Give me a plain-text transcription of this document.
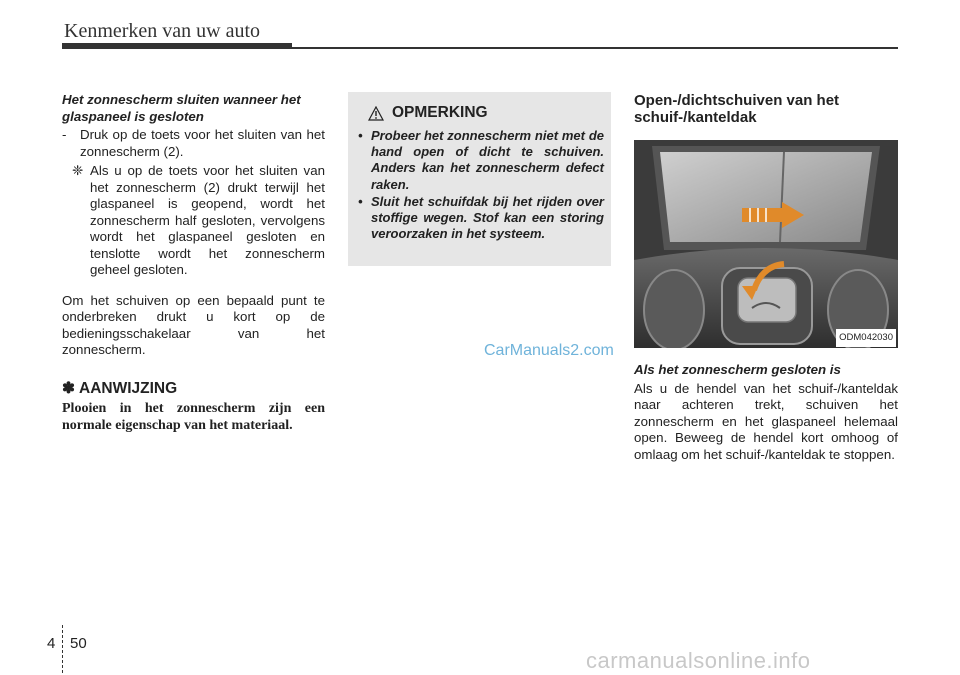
Kenmerken van uw auto
Het zonnescherm sluiten wanneer het glaspaneel is gesloten
- Druk op de toets voor het sluiten van het zonnescherm (2).
❈ Als u op de toets voor het sluiten van het zonnescherm (2) drukt terwijl het glaspaneel is geopend, wordt het zonnescherm half gesloten, vervolgens wordt het glaspaneel gesloten en tenslotte wordt het zonnescherm geheel gesloten.

Om het schuiven op een bepaald punt te onderbreken drukt u kort op de bedieningsschakelaar van het zonnescherm.

✽ AANWIJZING
Plooien in het zonnescherm zijn een normale eigenschap van het materiaal.
OPMERKING
• Probeer het zonnescherm niet met de hand open of dicht te schuiven. Anders kan het zonnescherm defect raken.
• Sluit het schuifdak bij het rijden over stoffige wegen. Stof kan een storing veroorzaken in het systeem.
CarManuals2.com
Open-/dichtschuiven van het schuif-/kanteldak
ODM042030
Als het zonnescherm gesloten is

Als u de hendel van het schuif-/kanteldak naar achteren trekt, schuiven het zonnescherm en het glaspaneel helemaal open. Beweeg de hendel kort omhoog of omlaag om het schuif-/kanteldak te stoppen.

4 50
carmanualsonline.info
